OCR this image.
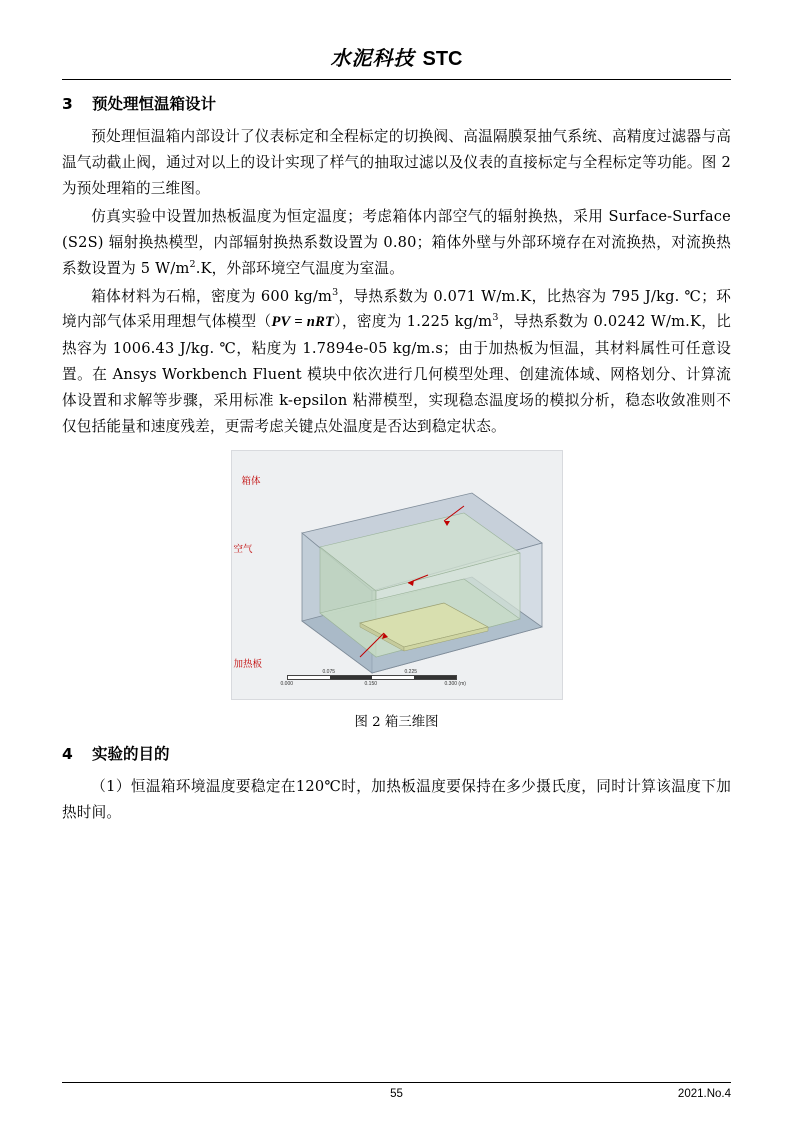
水泥科技 STC
3 预处理恒温箱设计

预处理恒温箱内部设计了仪表标定和全程标定的切换阀、高温隔膜泵抽气系统、高精度过滤器与高温气动截止阀，通过对以上的设计实现了样气的抽取过滤以及仪表的直接标定与全程标定等功能。图 2 为预处理箱的三维图。

仿真实验中设置加热板温度为恒定温度；考虑箱体内部空气的辐射换热，采用 Surface-Surface (S2S) 辐射换热模型，内部辐射换热系数设置为 0.80；箱体外壁与外部环境存在对流换热，对流换热系数设置为 5 $W/m^2.K$，外部环境空气温度为室温。

箱体材料为石棉，密度为 600 $kg/m^3$，导热系数为 0.071 W/m.K，比热容为 795 J/kg. ℃；环境内部气体采用理想气体模型（PV = nRT），密度为 1.225 $kg/m^3$，导热系数为 0.0242 W/m.K，比热容为 1006.43 J/kg. ℃，粘度为 1.7894e-05 kg/m.s；由于加热板为恒温，其材料属性可任意设置。在 Ansys Workbench Fluent 模块中依次进行几何模型处理、创建流体域、网格划分、计算流体设置和求解等步骤，采用标准 k-epsilon 粘滞模型，实现稳态温度场的模拟分析，稳态收敛准则不仅包括能量和速度残差，更需考虑关键点处温度是否达到稳定状态。

箱体
空气
加热板
0.000	0.150	0.300 (m)
0.075	0.225
图 2 箱三维图
4 实验的目的

（1）恒温箱环境温度要稳定在120℃时，加热板温度要保持在多少摄氏度，同时计算该温度下加热时间。

55	2021.No.4
